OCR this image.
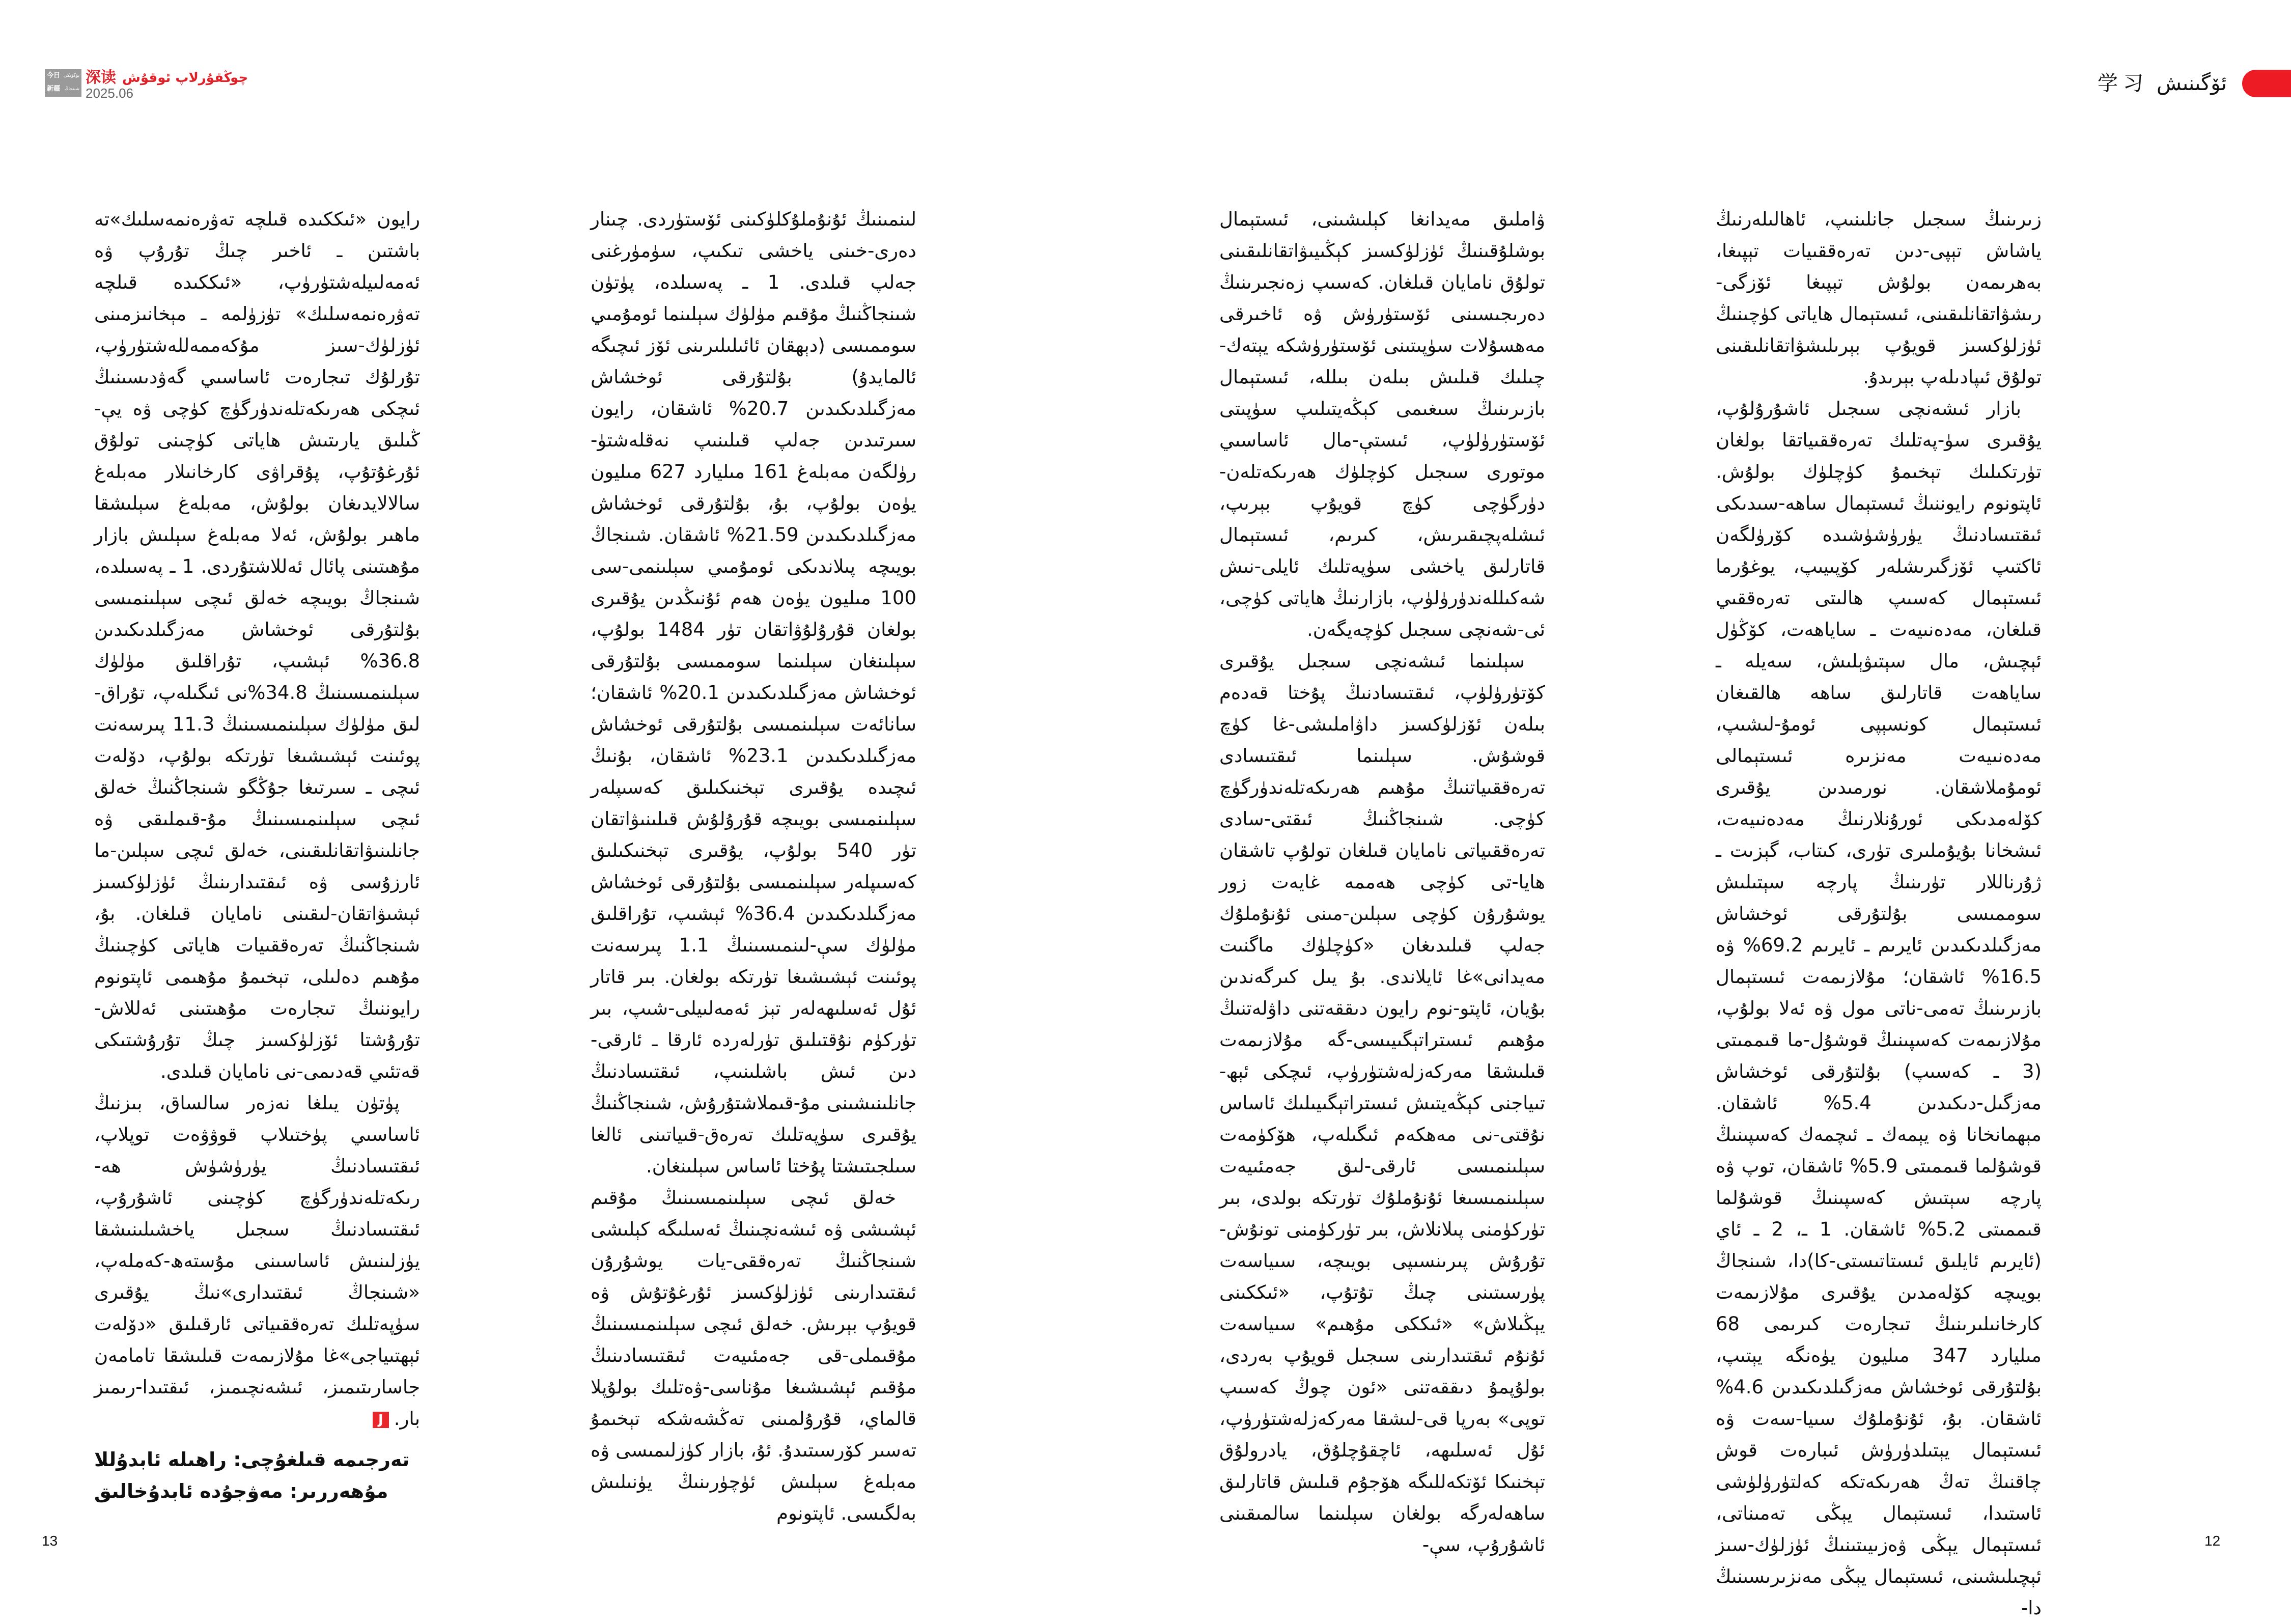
今日新疆
بۈگۈنكى
شىنجاڭ
深读 چوڭقۇرلاپ ئوقۇش
2025.06	学习 ئۆگىنىش

زىرىنىڭ سىجىل جانلىنىپ، ئاھالىلەرنىڭ ياشاش تېپى-دىن تەرەققىيات تېپىغا، بەھرىمەن بولۇش تېپىغا ئۆزگى-رىشۋاتقانلىقىنى، ئىستېمال ھاياتى كۈچىنىڭ ئۈزلۈكسىز قويۇپ بېرىلىشۋاتقانلىقىنى تولۇق ئىپادىلەپ بېرىدۇ.

بازار ئىشەنچى سىجىل ئاشۇرۇلۇپ، يۇقىرى سۈ-پەتلىك تەرەققىياتقا بولغان تۈرتكىلىك تېخىمۇ كۈچلۈك بولۇش. ئاپتونوم رايوننىڭ ئىستېمال ساھە-سىدىكى ئىقتىسادنىڭ يۈرۈشۈشىدە كۆرۈلگەن ئاكتىپ ئۆزگىرىشلەر كۆپىيىپ، يوغۇرما ئىستېمال كەسىپ ھالىتى تەرەققىي قىلغان، مەدەنىيەت ـ ساياھەت، كۆڭۈل ئېچىش، مال سېتىۋېلىش، سەيلە ـ ساياھەت قاتارلىق ساھە ھالقىغان ئىستېمال كونسېپى ئومۇ-لىشىپ، مەدەنىيەت مەنزىرە ئىستېمالى ئومۇملاشقان. نورمىدىن يۇقىرى كۆلەمدىكى ئورۇنلارنىڭ مەدەنىيەت، ئىشخانا بۇيۇملىرى تۈرى، كىتاب، گېزىت ـ ژۇرناللار تۈرىنىڭ پارچە سېتىلىش سوممىسى بۇلتۇرقى ئوخشاش مەزگىلدىكىدىن ئايرىم ـ ئايرىم 69.2% ۋە 16.5% ئاشقان؛ مۇلازىمەت ئىستېمال بازىرىنىڭ تەمى-ناتى مول ۋە ئەلا بولۇپ، مۇلازىمەت كەسپىنىڭ قوشۇل-ما قىممىتى (3 ـ كەسىپ) بۇلتۇرقى ئوخشاش مەزگىل-دىكىدىن 5.4% ئاشقان. مېھمانخانا ۋە يېمەك ـ ئىچمەك كەسپىنىڭ قوشۇلما قىممىتى 5.9% ئاشقان، توپ ۋە پارچە سېتىش كەسپىنىڭ قوشۇلما قىممىتى 5.2% ئاشقان. 1 ـ، 2 ـ ئاي (ئايرىم ئايلىق ئىستاتىستى-كا)دا، شىنجاڭ بويىچە كۆلەمدىن يۇقىرى مۇلازىمەت كارخانىلىرىنىڭ تىجارەت كىرىمى 68 مىليارد 347 مىليون يۈەنگە يېتىپ، بۇلتۇرقى ئوخشاش مەزگىلدىكىدىن 4.6% ئاشقان. بۇ، ئۇنۇملۇك سىيا-سەت ۋە ئىستېمال يېتىلدۈرۈش ئىبارەت قوش چاقنىڭ تەڭ ھەرىكەتكە كەلتۈرۈلۈشى ئاستىدا، ئىستېمال يېڭى تەمىناتى، ئىستېمال يېڭى ۋەزىيىتىنىڭ ئۈزلۈك-سىز ئېچىلىشىنى، ئىستېمال يېڭى مەنزىرىسىنىڭ دا-

ۋاملىق مەيدانغا كېلىشىنى، ئىستېمال بوشلۇقىنىڭ ئۈزلۈكسىز كېڭىيىۋاتقانلىقىنى تولۇق نامايان قىلغان. كەسىپ زەنجىرىنىڭ دەرىجىسىنى ئۆستۈرۈش ۋە ئاخىرقى مەھسۇلات سۈپىتىنى ئۆستۈرۈشكە يېتەك-چىلىك قىلىش بىلەن بىللە، ئىستېمال بازىرىنىڭ سىغىمى كېڭەيتىلىپ سۈپىتى ئۆستۈرۈلۈپ، ئىستې-مال ئاساسىي موتورى سىجىل كۈچلۈك ھەرىكەتلەن-دۈرگۈچى كۈچ قويۇپ بېرىپ، ئىشلەپچىقىرىش، كىرىم، ئىستېمال قاتارلىق ياخشى سۈپەتلىك ئايلى-نىش شەكىللەندۈرۈلۈپ، بازارنىڭ ھاياتى كۈچى، ئى-شەنچى سىجىل كۈچەيگەن.

سېلىنما ئىشەنچى سىجىل يۇقىرى كۆتۈرۈلۈپ، ئىقتىسادنىڭ پۇختا قەدەم بىلەن ئۆزلۈكسىز داۋاملىشى-غا كۈچ قوشۇش. سېلىنما ئىقتىسادى تەرەققىياتنىڭ مۇھىم ھەرىكەتلەندۈرگۈچ كۈچى. شىنجاڭنىڭ ئىقتى-سادى تەرەققىياتى نامايان قىلغان تولۇپ تاشقان ھايا-تى كۈچى ھەممە غايەت زور يوشۇرۇن كۈچى سېلىن-مىنى ئۇنۇملۇك جەلپ قىلىدىغان «كۈچلۈك ماگنىت مەيدانى»غا ئايلاندى. بۇ يىل كىرگەندىن بۇيان، ئاپتو-نوم رايون دىققەتنى داۋلەتنىڭ مۇھىم ئىستراتېگىيىسى-گە مۇلازىمەت قىلىشقا مەركەزلەشتۈرۈپ، ئىچكى ئېھ-تىياجنى كېڭەيتىش ئىستراتېگىيىلىك ئاساس نۇقتى-نى مەھكەم ئىگىلەپ، ھۆكۈمەت سېلىنمىسى ئارقى-لىق جەمئىيەت سېلىنمىسىغا ئۇنۇملۇك تۈرتكە بولدى، بىر تۈركۈمنى پىلانلاش، بىر تۈركۈمنى تونۇش-تۇرۇش پىرىنسىپى بويىچە، سىياسەت پۈرسىتىنى چىڭ تۇتۇپ، «ئىككىنى يېڭىلاش» «ئىككى مۇھىم» سىياسەت ئۇنۇم ئىقتىدارىنى سىجىل قويۇپ بەردى، بولۇپمۇ دىققەتنى «ئون چوڭ كەسىپ توپى» بەرپا قى-لىشقا مەركەزلەشتۈرۈپ، ئۇل ئەسلىھە، ئاچقۇچلۇق، يادرولۇق تېخنىكا ئۆتكەللىگە ھۆجۇم قىلىش قاتارلىق ساھەلەرگە بولغان سېلىنما سالمىقىنى ئاشۇرۇپ، سې-

لىنمىنىڭ ئۇنۇملۇكلۈكىنى ئۆستۈردى. چىنار دەرى-خىنى ياخشى تىكىپ، سۈمۈرغنى جەلپ قىلدى. 1 ـ پەسىلدە، پۈتۈن شىنجاڭنىڭ مۇقىم مۈلۈك سېلىنما ئومۇمىي سوممىسى (دېھقان ئائىلىلىرىنى ئۆز ئىچىگە ئالمايدۇ) بۇلتۇرقى ئوخشاش مەزگىلدىكىدىن 20.7% ئاشقان، رايون سىرتىدىن جەلپ قىلىنىپ نەقلەشتۈ-رۈلگەن مەبلەغ 161 مىليارد 627 مىليون يۈەن بولۇپ، بۇ، بۇلتۇرقى ئوخشاش مەزگىلدىكىدىن 21.59% ئاشقان. شىنجاڭ بويىچە پىلاندىكى ئومۇمىي سېلىنمى-سى 100 مىليون يۈەن ھەم ئۇنىڭدىن يۇقىرى بولغان قۇرۇلۇۋاتقان تۈر 1484 بولۇپ، سېلىنغان سېلىنما سوممىسى بۇلتۇرقى ئوخشاش مەزگىلدىكىدىن 20.1% ئاشقان؛ سانائەت سېلىنمىسى بۇلتۇرقى ئوخشاش مەزگىلدىكىدىن 23.1% ئاشقان، بۇنىڭ ئىچىدە يۇقىرى تېخنىكىلىق كەسىپلەر سېلىنمىسى بويىچە قۇرۇلۇش قىلىنىۋاتقان تۈر 540 بولۇپ، يۇقىرى تېخنىكىلىق كەسىپلەر سېلىنمىسى بۇلتۇرقى ئوخشاش مەزگىلدىكىدىن 36.4% ئېشىپ، تۇراقلىق مۈلۈك سې-لىنمىسىنىڭ 1.1 پىرسەنت پوئىنت ئېشىشىغا تۈرتكە بولغان. بىر قاتار ئۇل ئەسلىھەلەر تېز ئەمەلىيلى-شىپ، بىر تۈركۈم نۇقتىلىق تۈرلەردە ئارقا ـ ئارقى-دىن ئىش باشلىنىپ، ئىقتىسادنىڭ جانلىنىشىنى مۇ-قىملاشتۇرۇش، شىنجاڭنىڭ يۇقىرى سۈپەتلىك تەرەق-قىياتىنى ئالغا سىلجىتىشتا پۇختا ئاساس سېلىنغان.

خەلق ئىچى سېلىنمىسىنىڭ مۇقىم ئېشىشى ۋە ئىشەنچىنىڭ ئەسلىگە كېلىشى شىنجاڭنىڭ تەرەققى-يات يوشۇرۇن ئىقتىدارىنى ئۈزلۈكسىز ئۇرغۇتۇش ۋە قويۇپ بېرىش. خەلق ئىچى سېلىنمىسىنىڭ مۇقىملى-قى جەمئىيەت ئىقتىسادىنىڭ مۇقىم ئېشىشىغا مۇناسى-ۋەتلىك بولۇپلا قالماي، قۇرۇلمىنى تەڭشەشكە تېخىمۇ تەسىر كۆرسىتىدۇ. ئۇ، بازار كۈزلىمىسى ۋە مەبلەغ سېلىش ئۈچۈرىنىڭ يۈنىلىش بەلگىسى. ئاپتونوم

رايون «ئىككىدە قىلچە تەۋرەنمەسلىك»تە باشتىن ـ ئاخىر چىڭ تۇرۇپ ۋە ئەمەلىيلەشتۈرۈپ، «ئىككىدە قىلچە تەۋرەنمەسلىك» تۈزۈلمە ـ مېخانىزمىنى ئۈزلۈك-سىز مۇكەممەللەشتۈرۈپ، تۇرلۇك تىجارەت ئاساسىي گەۋدىسىنىڭ ئىچكى ھەرىكەتلەندۈرگۈچ كۈچى ۋە يې-ڭىلىق يارىتىش ھاياتى كۈچىنى تولۇق ئۇرغۇتۇپ، پۇقراۋى كارخانىلار مەبلەغ سالالايدىغان بولۇش، مەبلەغ سېلىشقا ماھىر بولۇش، ئەلا مەبلەغ سېلىش بازار مۇھىتىنى پائال ئەللاشتۇردى. 1 ـ پەسىلدە، شىنجاڭ بويىچە خەلق ئىچى سېلىنمىسى بۇلتۇرقى ئوخشاش مەزگىلدىكىدىن 36.8% ئېشىپ، تۇراقلىق مۈلۈك سېلىنمىسىنىڭ 34.8%نى ئىگىلەپ، تۇراق-لىق مۈلۈك سېلىنمىسىنىڭ 11.3 پىرسەنت پوئىنت ئېشىشىغا تۈرتكە بولۇپ، دۆلەت ئىچى ـ سىرتىغا جۇڭگو شىنجاڭنىڭ خەلق ئىچى سېلىنمىسىنىڭ مۇ-قىملىقى ۋە جانلىنىۋاتقانلىقىنى، خەلق ئىچى سېلىن-ما ئارزۇسى ۋە ئىقتىدارىنىڭ ئۈزلۈكسىز ئېشىۋاتقان-لىقىنى نامايان قىلغان. بۇ، شىنجاڭنىڭ تەرەققىيات ھاياتى كۈچىنىڭ مۇھىم دەلىلى، تېخىمۇ مۇھىمى ئاپتونوم رايوننىڭ تىجارەت مۇھىتىنى ئەللاش-تۇرۇشتا ئۆزلۈكسىز چىڭ تۇرۇشتىكى قەتئىي قەدىمى-نى نامايان قىلدى.

پۈتۈن يىلغا نەزەر سالساق، بىزنىڭ ئاساسىي پۈختىلاپ قوۋۋەت توپلاپ، ئىقتىسادنىڭ يۈرۈشۈش ھە-رىكەتلەندۈرگۈچ كۈچىنى ئاشۇرۇپ، ئىقتىسادنىڭ سىجىل ياخشىلىنىشقا يۈزلىنىش ئاساسىنى مۇستەھ-كەملەپ، «شىنجاڭ ئىقتىدارى»نىڭ يۇقىرى سۈپەتلىك تەرەققىياتى ئارقىلىق «دۆلەت ئېھتىياجى»غا مۇلازىمەت قىلىشقا تامامەن جاسارىتىمىز، ئىشەنچىمىز، ئىقتىدا-رىمىز بار.J

تەرجىمە قىلغۇچى: راھىلە ئابدۇللا
مۇھەررىر: مەۋجۇدە ئابدۇخالىق
13	12
